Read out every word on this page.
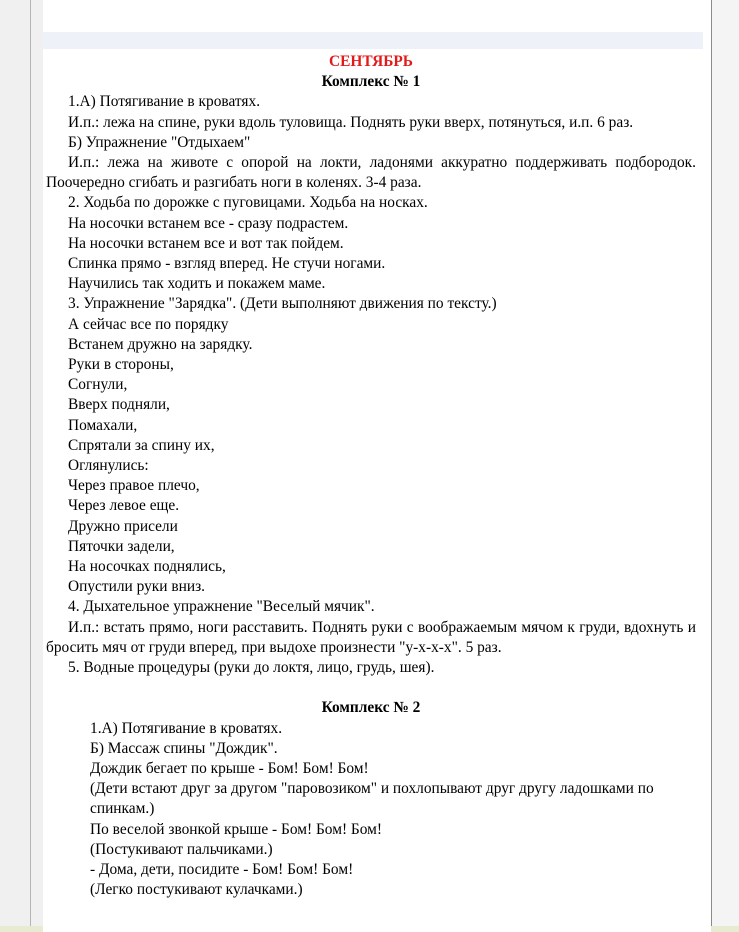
СЕНТЯБРЬ
Комплекс № 1

1.А) Потягивание в кроватях.

И.п.: лежа на спине, руки вдоль туловища. Поднять руки вверх, потянуться, и.п. 6 раз.

Б) Упражнение "Отдыхаем"

И.п.: лежа на животе с опорой на локти, ладонями аккуратно поддерживать подбородок. Поочередно сгибать и разгибать ноги в коленях. 3-4 раза.

2. Ходьба по дорожке с пуговицами. Ходьба на носках.

На носочки встанем все - сразу подрастем.

На носочки встанем все и вот так пойдем.

Спинка прямо - взгляд вперед. Не стучи ногами.

Научились так ходить и покажем маме.

3. Упражнение "Зарядка". (Дети выполняют движения по тексту.)

А сейчас все по порядку

Встанем дружно на зарядку.

Руки в стороны,

Согнули,

Вверх подняли,

Помахали,

Спрятали за спину их,

Оглянулись:

Через правое плечо,

Через левое еще.

Дружно присели

Пяточки задели,

На носочках поднялись,

Опустили руки вниз.

4. Дыхательное упражнение "Веселый мячик".

И.п.: встать прямо, ноги расставить. Поднять руки с воображаемым мячом к груди, вдохнуть и бросить мяч от груди вперед, при выдохе произнести "у-х-х-х". 5 раз.

5. Водные процедуры (руки до локтя, лицо, грудь, шея).

Комплекс № 2

1.А) Потягивание в кроватях.

Б) Массаж спины "Дождик".

Дождик бегает по крыше - Бом! Бом! Бом!

(Дети встают друг за другом "паровозиком" и похлопывают друг другу ладошками по спинкам.)

По веселой звонкой крыше - Бом! Бом! Бом!

(Постукивают пальчиками.)

- Дома, дети, посидите - Бом! Бом! Бом!

(Легко постукивают кулачками.)
